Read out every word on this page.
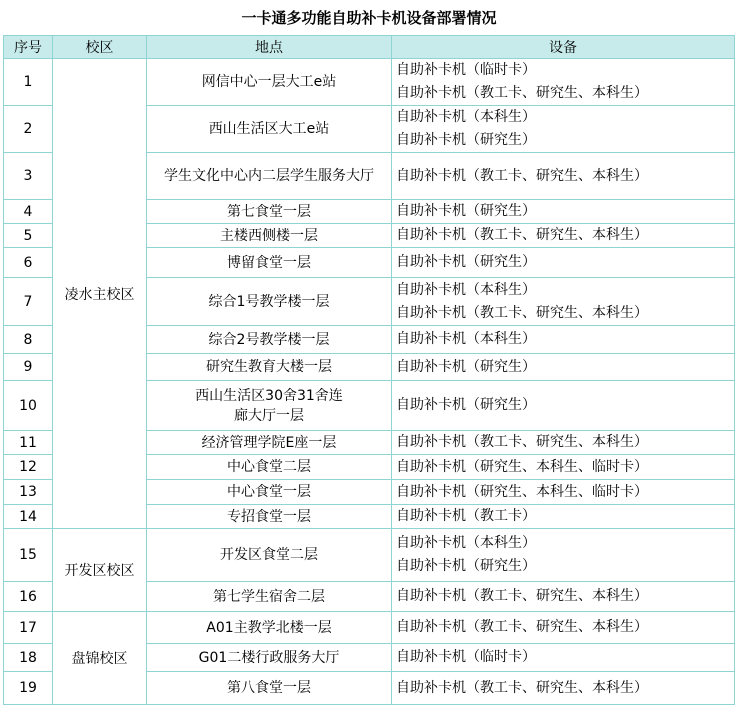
一卡通多功能自助补卡机设备部署情况
序号	校区	地点	设备
1	凌水主校区	网信中心一层大工e站	自助补卡机（临时卡）
自助补卡机（教工卡、研究生、本科生）

2		西山生活区大工e站	自助补卡机（本科生）
自助补卡机（研究生）

3		学生文化中心内二层学生服务大厅	自助补卡机（教工卡、研究生、本科生）

4		第七食堂一层	自助补卡机（研究生）

5		主楼西侧楼一层	自助补卡机（教工卡、研究生、本科生）

6		博留食堂一层	自助补卡机（研究生）

7		综合1号教学楼一层	自助补卡机（本科生）
自助补卡机（教工卡、研究生、本科生）

8		综合2号教学楼一层	自助补卡机（本科生）

9		研究生教育大楼一层	自助补卡机（研究生）

10		西山生活区30舍31舍连廊大厅一层	自助补卡机（研究生）

11		经济管理学院E座一层	自助补卡机（教工卡、研究生、本科生）

12		中心食堂二层	自助补卡机（研究生、本科生、临时卡）

13		中心食堂一层	自助补卡机（研究生、本科生、临时卡）

14		专招食堂一层	自助补卡机（教工卡）

15	开发区校区	开发区食堂二层	自助补卡机（本科生）
自助补卡机（研究生）

16		第七学生宿舍二层	自助补卡机（教工卡、研究生、本科生）

17	盘锦校区	A01主教学北楼一层	自助补卡机（教工卡、研究生、本科生）

18		G01二楼行政服务大厅	自助补卡机（临时卡）

19		第八食堂一层	自助补卡机（教工卡、研究生、本科生）
